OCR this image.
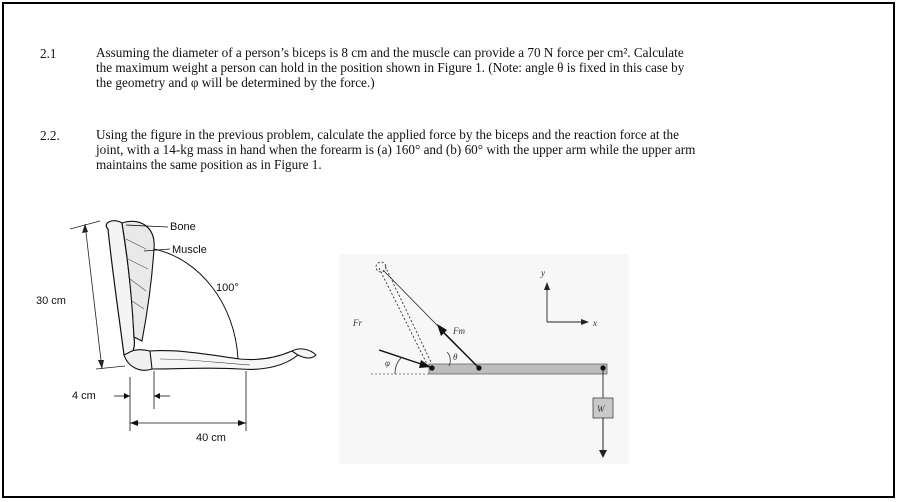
2.1	Assuming the diameter of a person’s biceps is 8 cm and the muscle can provide a 70 N force per cm². Calculate
the maximum weight a person can hold in the position shown in Figure 1. (Note: angle θ is fixed in this case by
the geometry and φ will be determined by the force.)
2.2.	Using the figure in the previous problem, calculate the applied force by the biceps and the reaction force at the
joint, with a 14-kg mass in hand when the forearm is (a) 160° and (b) 60° with the upper arm while the upper arm
maintains the same position as in Figure 1.
Bone
Muscle
100°
30 cm
4 cm
40 cm
Fr
Fm
θ
φ
y
x
W
